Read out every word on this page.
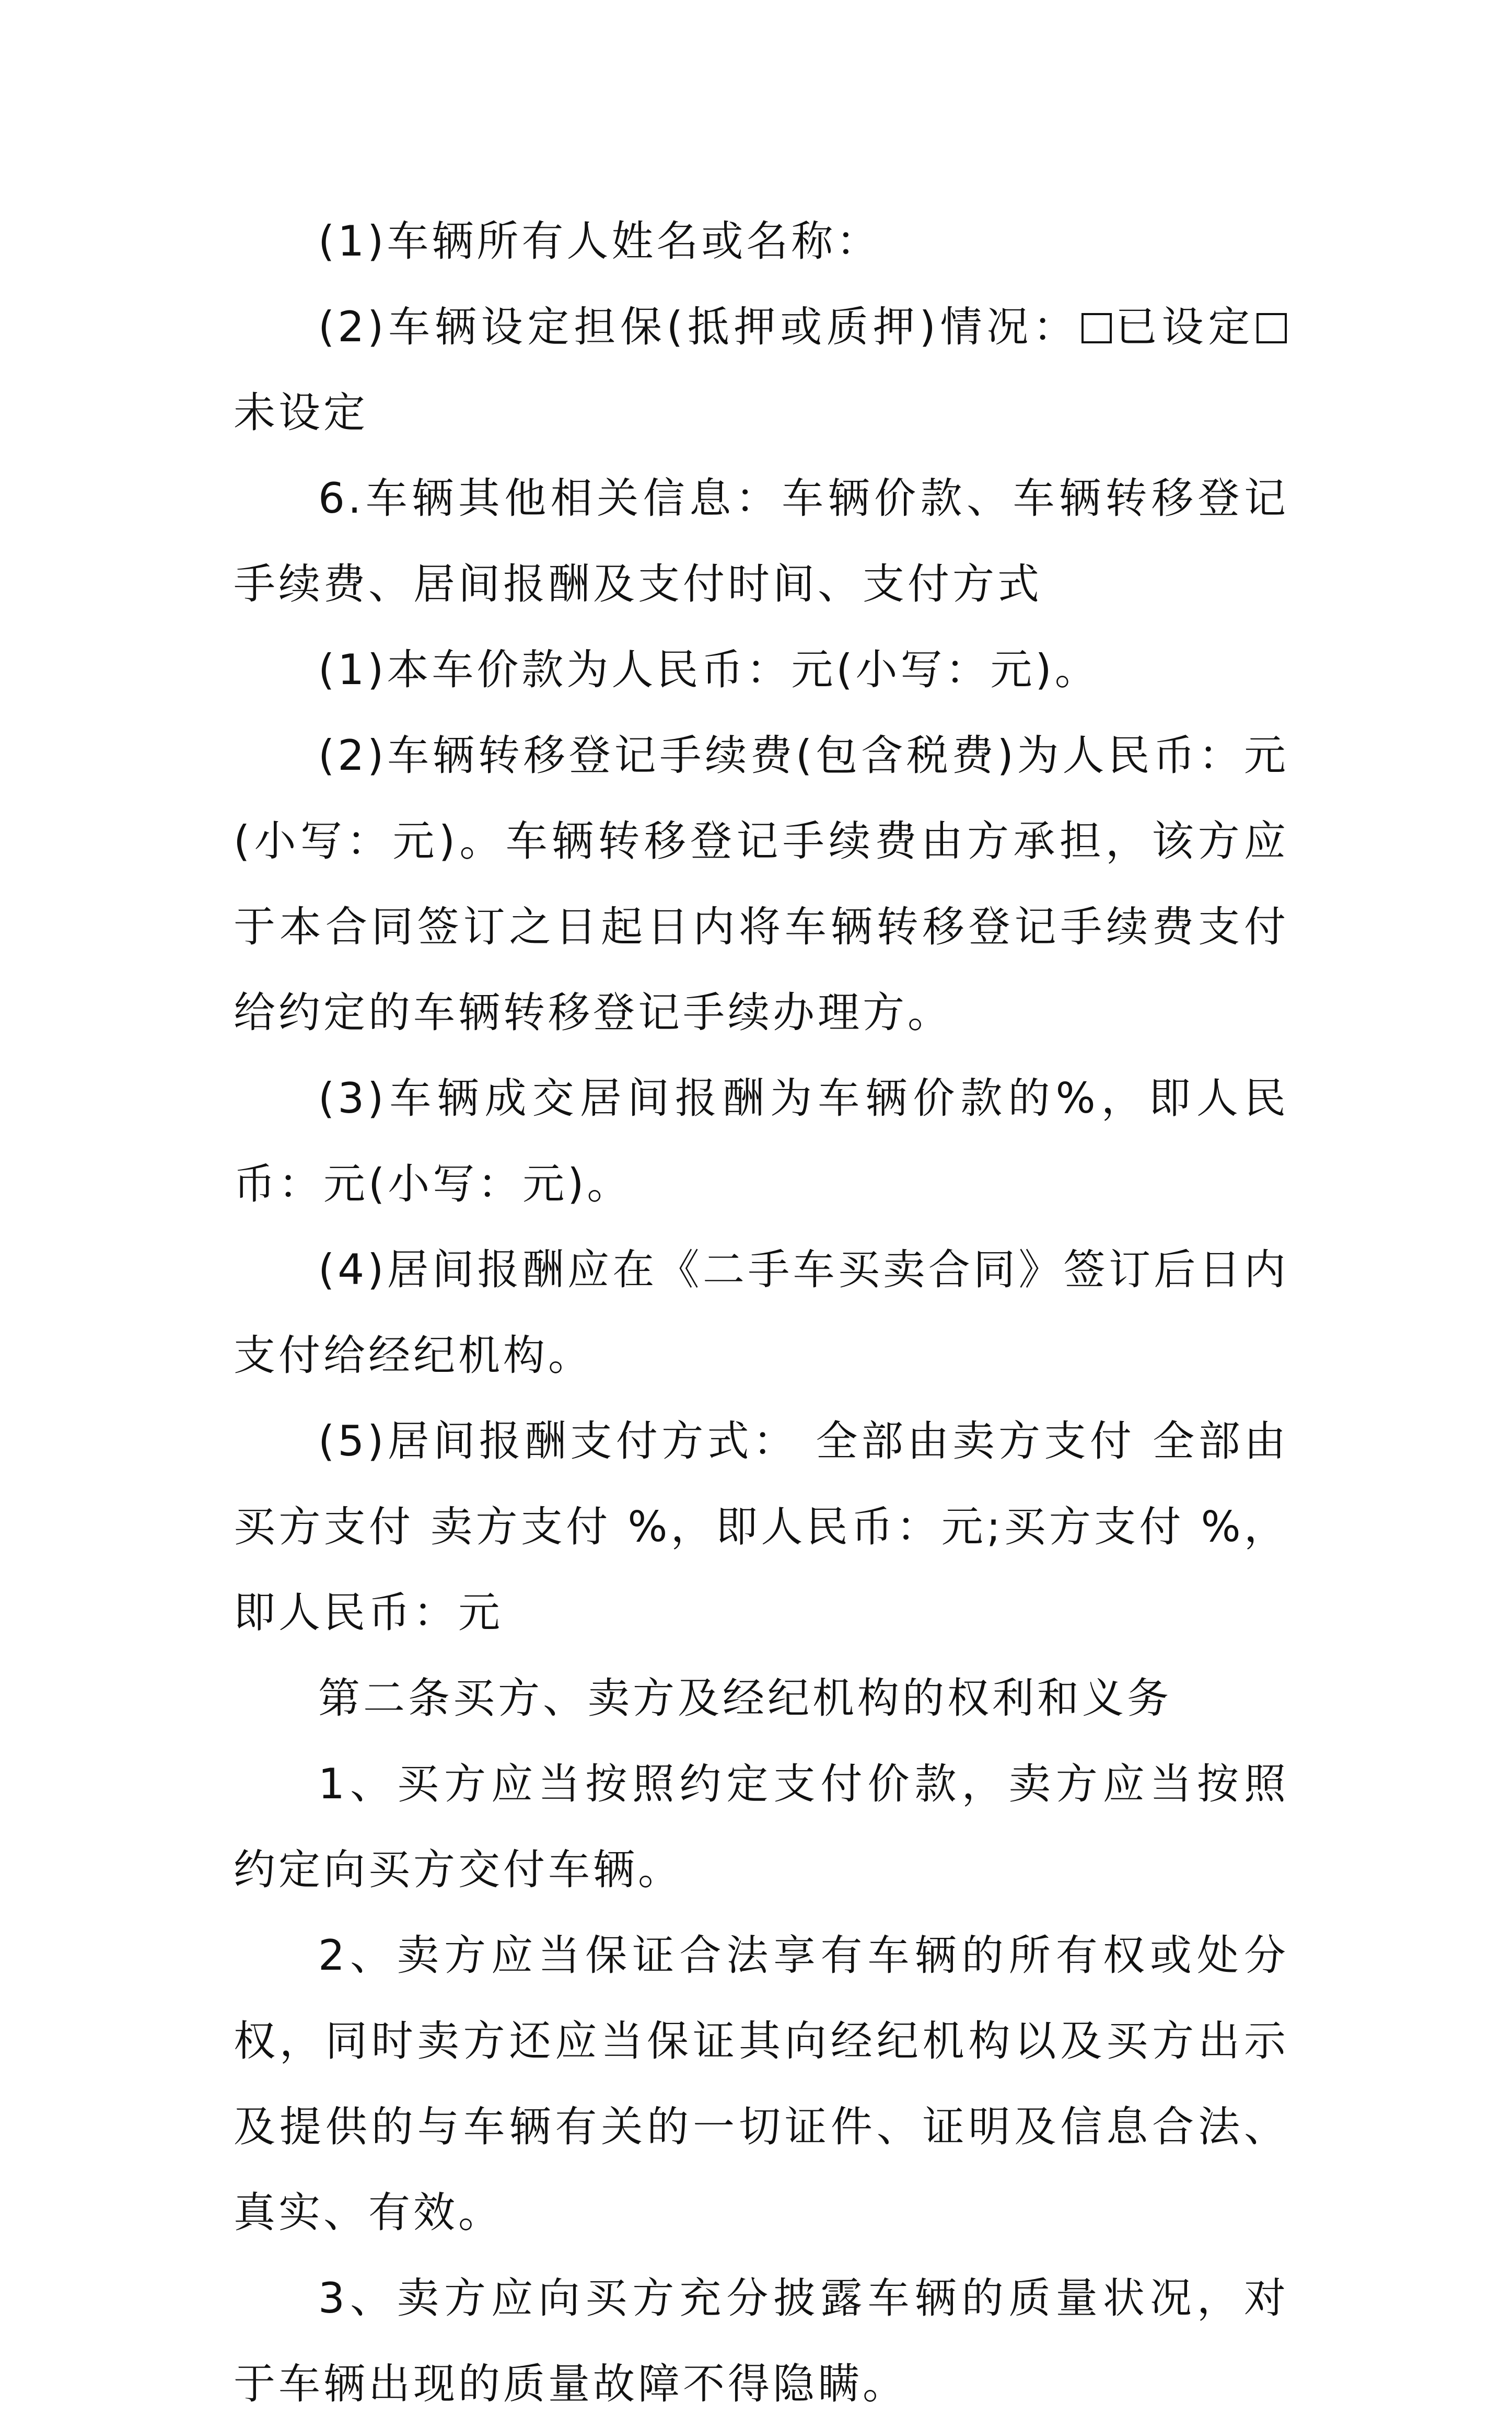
(1)车辆所有人姓名或名称：

(2)车辆设定担保(抵押或质押)情况： 已设定未设定

6.车辆其他相关信息：车辆价款、车辆转移登记手续费、居间报酬及支付时间、支付方式

(1)本车价款为人民币：元(小写：元)。

(2)车辆转移登记手续费(包含税费)为人民币：元(小写：元)。车辆转移登记手续费由方承担，该方应于本合同签订之日起日内将车辆转移登记手续费支付给约定的车辆转移登记手续办理方。

(3)车辆成交居间报酬为车辆价款的%，即人民币：元(小写：元)。

(4)居间报酬应在《二手车买卖合同》签订后日内支付给经纪机构。

(5)居间报酬支付方式： 全部由卖方支付 全部由买方支付 卖方支付 %，即人民币：元;买方支付 %，即人民币：元

第二条买方、卖方及经纪机构的权利和义务

1、买方应当按照约定支付价款，卖方应当按照约定向买方交付车辆。

2、卖方应当保证合法享有车辆的所有权或处分权，同时卖方还应当保证其向经纪机构以及买方出示及提供的与车辆有关的一切证件、证明及信息合法、真实、有效。

3、卖方应向买方充分披露车辆的质量状况，对于车辆出现的质量故障不得隐瞒。
